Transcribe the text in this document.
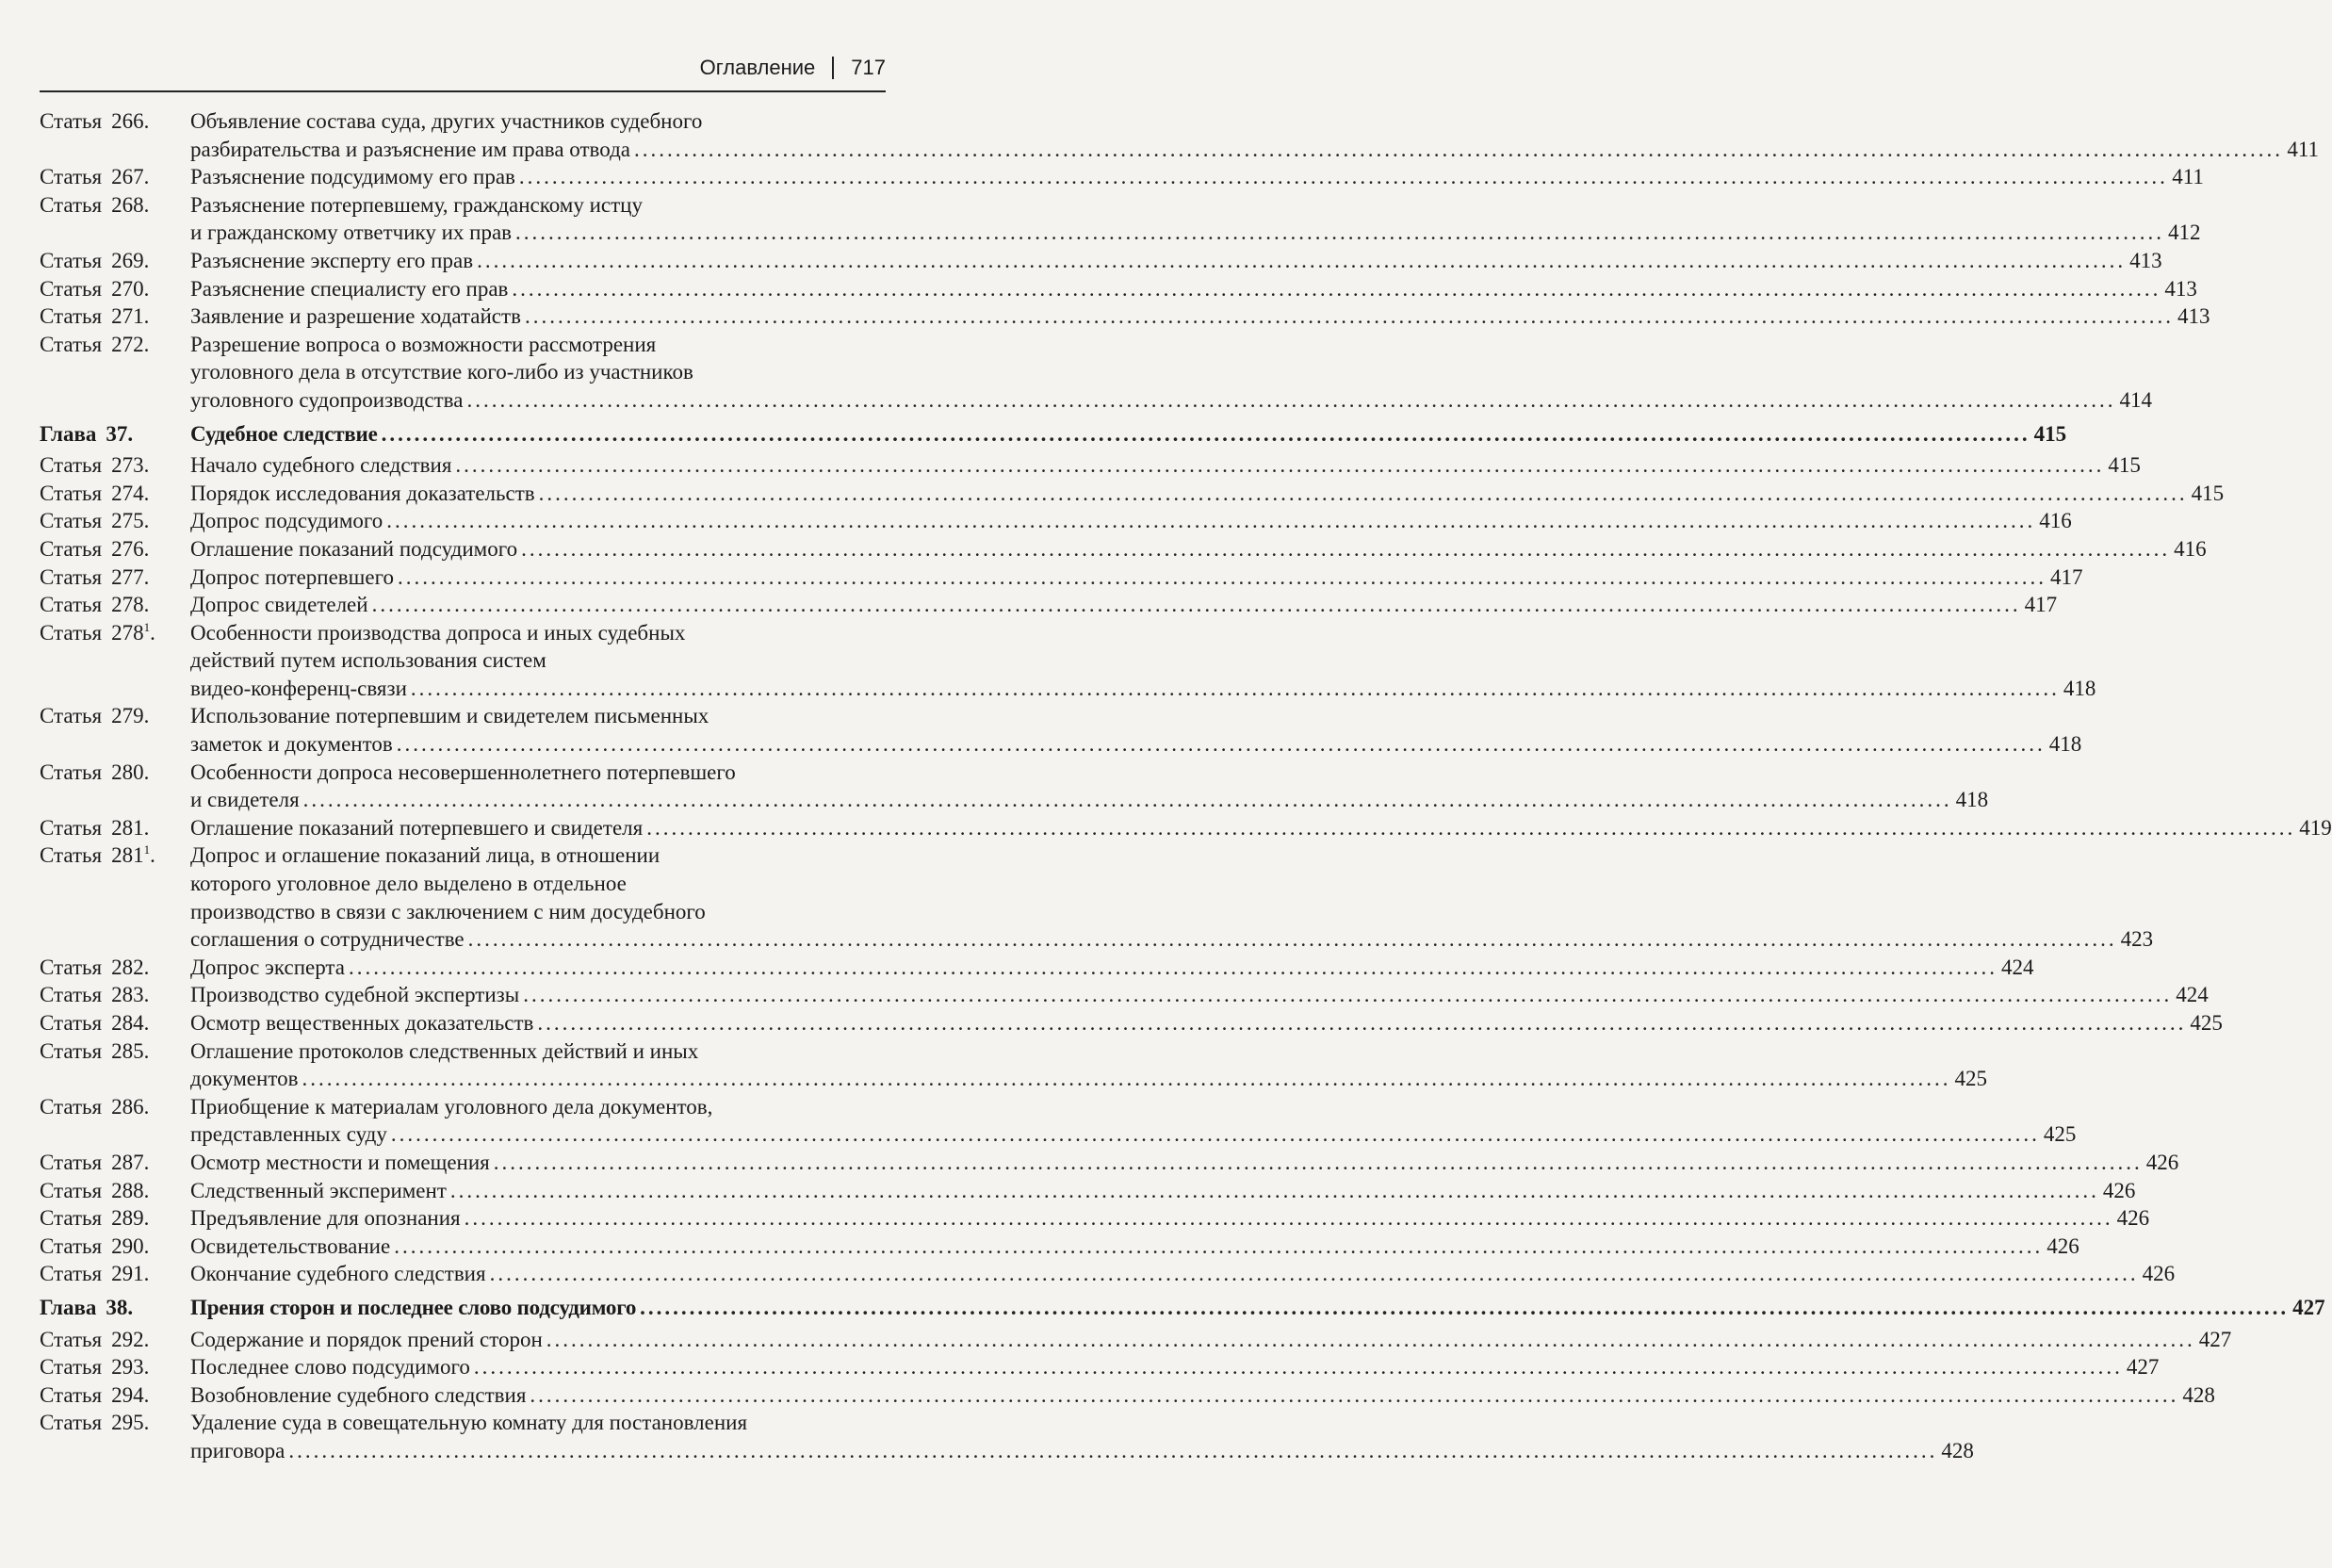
Оглавление 717
Статья 266.	Объявление состава суда, других участников судебного
разбирательства и разъяснение им права отвода ........................................................................................................................................................................................................ 411
Статья 267.	Разъяснение подсудимому его прав ........................................................................................................................................................................................................ 411
Статья 268.	Разъяснение потерпевшему, гражданскому истцу
и гражданскому ответчику их прав ........................................................................................................................................................................................................ 412
Статья 269.	Разъяснение эксперту его прав ........................................................................................................................................................................................................ 413
Статья 270.	Разъяснение специалисту его прав ........................................................................................................................................................................................................ 413
Статья 271.	Заявление и разрешение ходатайств ........................................................................................................................................................................................................ 413
Статья 272.	Разрешение вопроса о возможности рассмотрения
уголовного дела в отсутствие кого-либо из участников
уголовного судопроизводства ........................................................................................................................................................................................................ 414
Глава 37.	Судебное следствие ........................................................................................................................................................................................................ 415
Статья 273.	Начало судебного следствия ........................................................................................................................................................................................................ 415
Статья 274.	Порядок исследования доказательств ........................................................................................................................................................................................................ 415
Статья 275.	Допрос подсудимого ........................................................................................................................................................................................................ 416
Статья 276.	Оглашение показаний подсудимого ........................................................................................................................................................................................................ 416
Статья 277.	Допрос потерпевшего ........................................................................................................................................................................................................ 417
Статья 278.	Допрос свидетелей ........................................................................................................................................................................................................ 417
Статья $278^1$.	Особенности производства допроса и иных судебных
действий путем использования систем
видео-конференц-связи ........................................................................................................................................................................................................ 418
Статья 279.	Использование потерпевшим и свидетелем письменных
заметок и документов ........................................................................................................................................................................................................ 418
Статья 280.	Особенности допроса несовершеннолетнего потерпевшего
и свидетеля ........................................................................................................................................................................................................ 418
Статья 281.	Оглашение показаний потерпевшего и свидетеля ........................................................................................................................................................................................................ 419
Статья $281^1$.	Допрос и оглашение показаний лица, в отношении
которого уголовное дело выделено в отдельное
производство в связи с заключением с ним досудебного
соглашения о сотрудничестве ........................................................................................................................................................................................................ 423
Статья 282.	Допрос эксперта ........................................................................................................................................................................................................ 424
Статья 283.	Производство судебной экспертизы ........................................................................................................................................................................................................ 424
Статья 284.	Осмотр вещественных доказательств ........................................................................................................................................................................................................ 425
Статья 285.	Оглашение протоколов следственных действий и иных
документов ........................................................................................................................................................................................................ 425
Статья 286.	Приобщение к материалам уголовного дела документов,
представленных суду ........................................................................................................................................................................................................ 425
Статья 287.	Осмотр местности и помещения ........................................................................................................................................................................................................ 426
Статья 288.	Следственный эксперимент ........................................................................................................................................................................................................ 426
Статья 289.	Предъявление для опознания ........................................................................................................................................................................................................ 426
Статья 290.	Освидетельствование ........................................................................................................................................................................................................ 426
Статья 291.	Окончание судебного следствия ........................................................................................................................................................................................................ 426
Глава 38.	Прения сторон и последнее слово подсудимого ........................................................................................................................................................................................................ 427
Статья 292.	Содержание и порядок прений сторон ........................................................................................................................................................................................................ 427
Статья 293.	Последнее слово подсудимого ........................................................................................................................................................................................................ 427
Статья 294.	Возобновление судебного следствия ........................................................................................................................................................................................................ 428
Статья 295.	Удаление суда в совещательную комнату для постановления
приговора ........................................................................................................................................................................................................ 428
